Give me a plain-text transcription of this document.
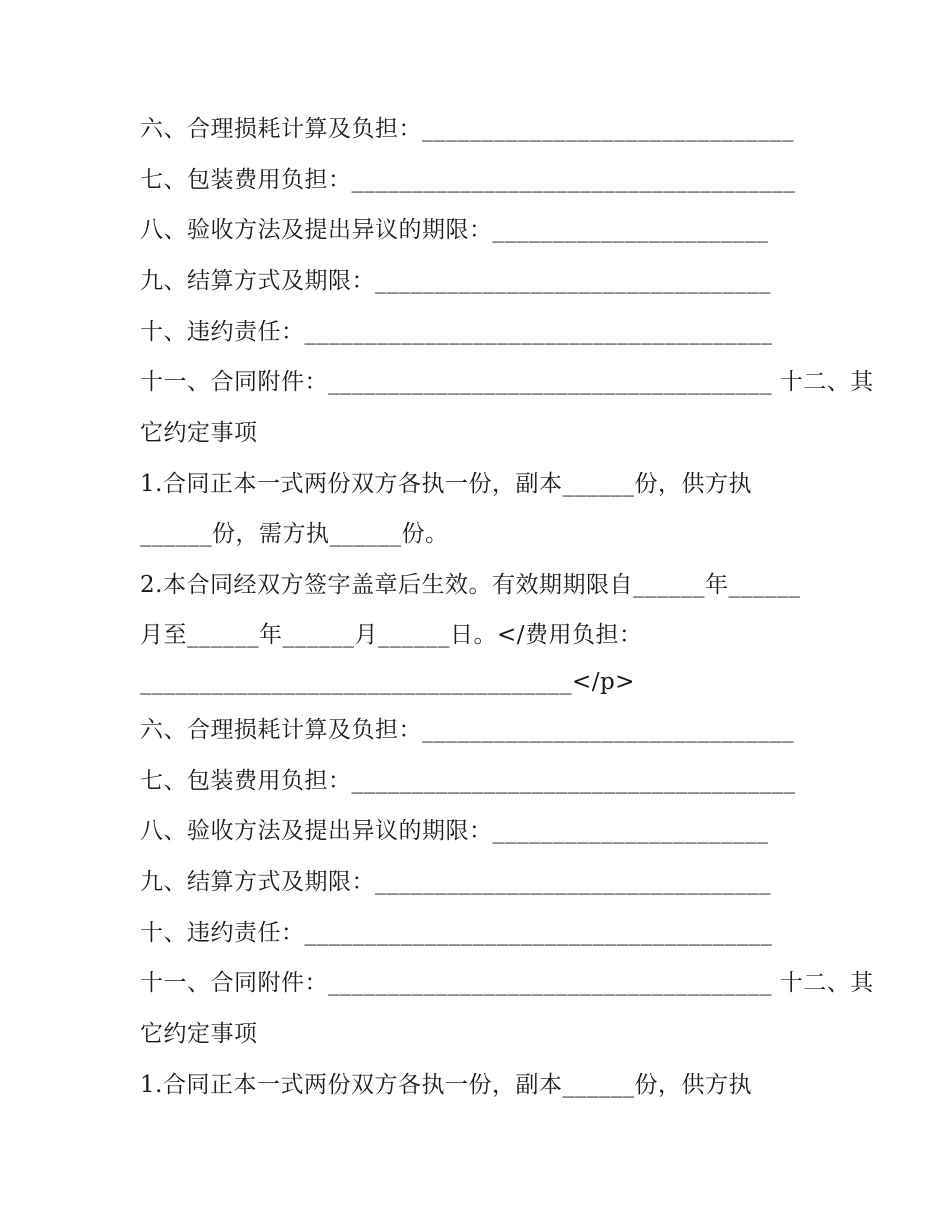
六、合理损耗计算及负担：_______________________________
七、包装费用负担：_____________________________________
八、验收方法及提出异议的期限：_______________________
九、结算方式及期限：_________________________________
十、违约责任：_______________________________________
十一、合同附件：_____________________________________ 十二、其
它约定事项
1.合同正本一式两份双方各执一份，副本______份，供方执
______份，需方执______份。
2.本合同经双方签字盖章后生效。有效期期限自______年______
月至______年______月______日。</费用负担：
____________________________________</p>
六、合理损耗计算及负担：_______________________________
七、包装费用负担：_____________________________________
八、验收方法及提出异议的期限：_______________________
九、结算方式及期限：_________________________________
十、违约责任：_______________________________________
十一、合同附件：_____________________________________ 十二、其
它约定事项
1.合同正本一式两份双方各执一份，副本______份，供方执
